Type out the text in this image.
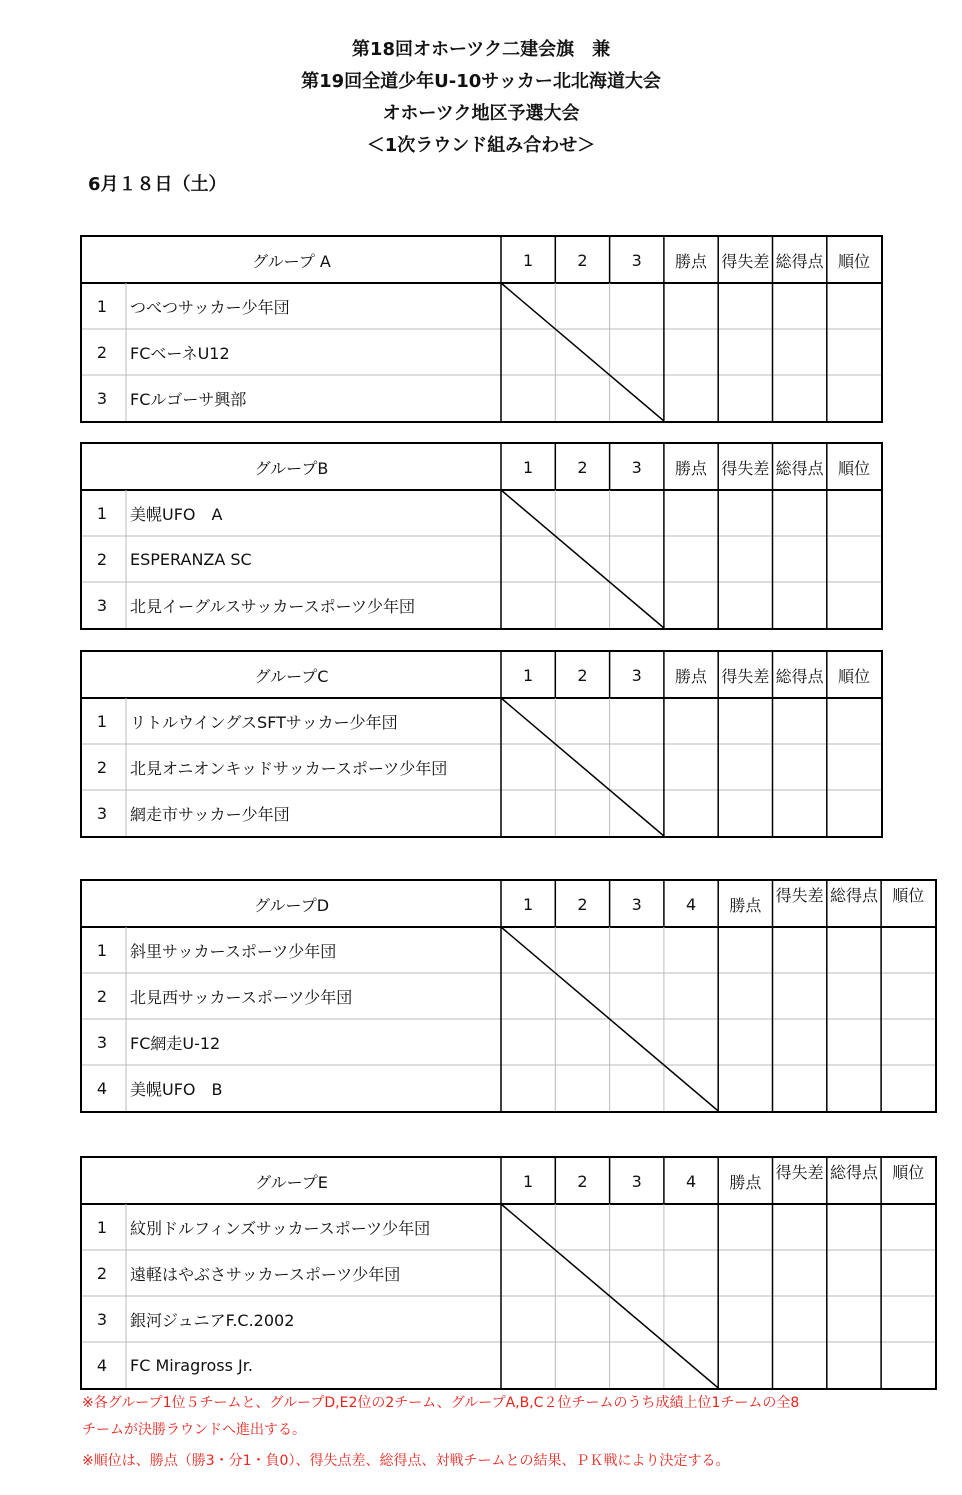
第18回オホーツク二建会旗　兼
第19回全道少年U-10サッカー北北海道大会
オホーツク地区予選大会
＜1次ラウンド組み合わせ＞
6月１８日（土）
グループ A	1	2	3	勝点 得失差 総得点 順位
1	つべつサッカー少年団
2	FCベーネU12
3	FCルゴーサ興部
グループB	1	2	3	勝点 得失差 総得点 順位
1	美幌UFO　A
2	ESPERANZA SC
3	北見イーグルスサッカースポーツ少年団
グループC	1	2	3	勝点 得失差 総得点 順位
1	リトルウイングスSFTサッカー少年団
2	北見オニオンキッドサッカースポーツ少年団
3	網走市サッカー少年団
グループD	1	2	3	4	勝点 得失差 総得点 順位
1	斜里サッカースポーツ少年団
2	北見西サッカースポーツ少年団
3	FC網走U-12
4	美幌UFO　B
グループE	1	2	3	4	勝点 得失差 総得点 順位
1	紋別ドルフィンズサッカースポーツ少年団
2	遠軽はやぶさサッカースポーツ少年団
3	銀河ジュニアF.C.2002
4	FC Miragross Jr.
※各グループ1位５チームと、グループD,E2位の2チーム、グループA,B,C２位チームのうち成績上位1チームの全8
チームが決勝ラウンドへ進出する。
※順位は、勝点（勝3・分1・負0）、得失点差、総得点、対戦チームとの結果、ＰＫ戦により決定する。
